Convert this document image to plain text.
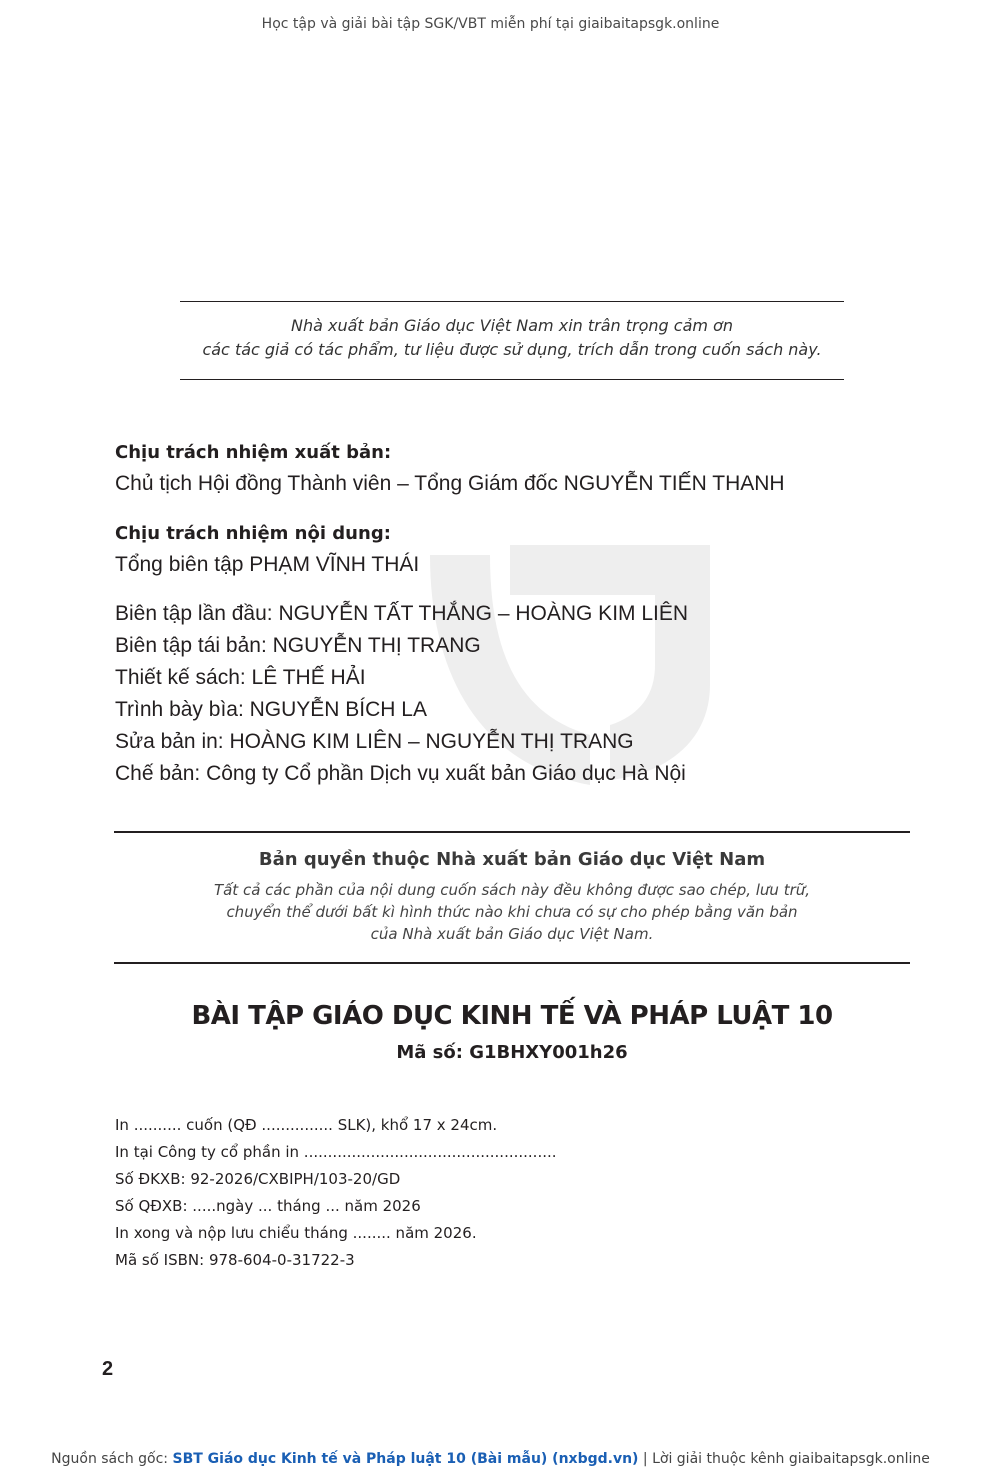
Học tập và giải bài tập SGK/VBT miễn phí tại giaibaitapsgk.online
Nhà xuất bản Giáo dục Việt Nam xin trân trọng cảm ơn
các tác giả có tác phẩm, tư liệu được sử dụng, trích dẫn trong cuốn sách này.
Chịu trách nhiệm xuất bản:
Chủ tịch Hội đồng Thành viên – Tổng Giám đốc NGUYỄN TIẾN THANH
Chịu trách nhiệm nội dung:
Tổng biên tập PHẠM VĨNH THÁI
Biên tập lần đầu: NGUYỄN TẤT THẮNG – HOÀNG KIM LIÊN
Biên tập tái bản: NGUYỄN THỊ TRANG
Thiết kế sách: LÊ THẾ HẢI
Trình bày bìa: NGUYỄN BÍCH LA
Sửa bản in: HOÀNG KIM LIÊN – NGUYỄN THỊ TRANG
Chế bản: Công ty Cổ phần Dịch vụ xuất bản Giáo dục Hà Nội
Bản quyền thuộc Nhà xuất bản Giáo dục Việt Nam
Tất cả các phần của nội dung cuốn sách này đều không được sao chép, lưu trữ,
chuyển thể dưới bất kì hình thức nào khi chưa có sự cho phép bằng văn bản
của Nhà xuất bản Giáo dục Việt Nam.
BÀI TẬP GIÁO DỤC KINH TẾ VÀ PHÁP LUẬT 10
Mã số: G1BHXY001h26
In .......... cuốn (QĐ ............... SLK), khổ 17 x 24cm.
In tại Công ty cổ phần in .....................................................
Số ĐKXB: 92-2026/CXBIPH/103-20/GD
Số QĐXB: .....ngày ... tháng ... năm 2026
In xong và nộp lưu chiểu tháng ........ năm 2026.
Mã số ISBN: 978-604-0-31722-3
2
Nguồn sách gốc: SBT Giáo dục Kinh tế và Pháp luật 10 (Bài mẫu) (nxbgd.vn) | Lời giải thuộc kênh giaibaitapsgk.online
